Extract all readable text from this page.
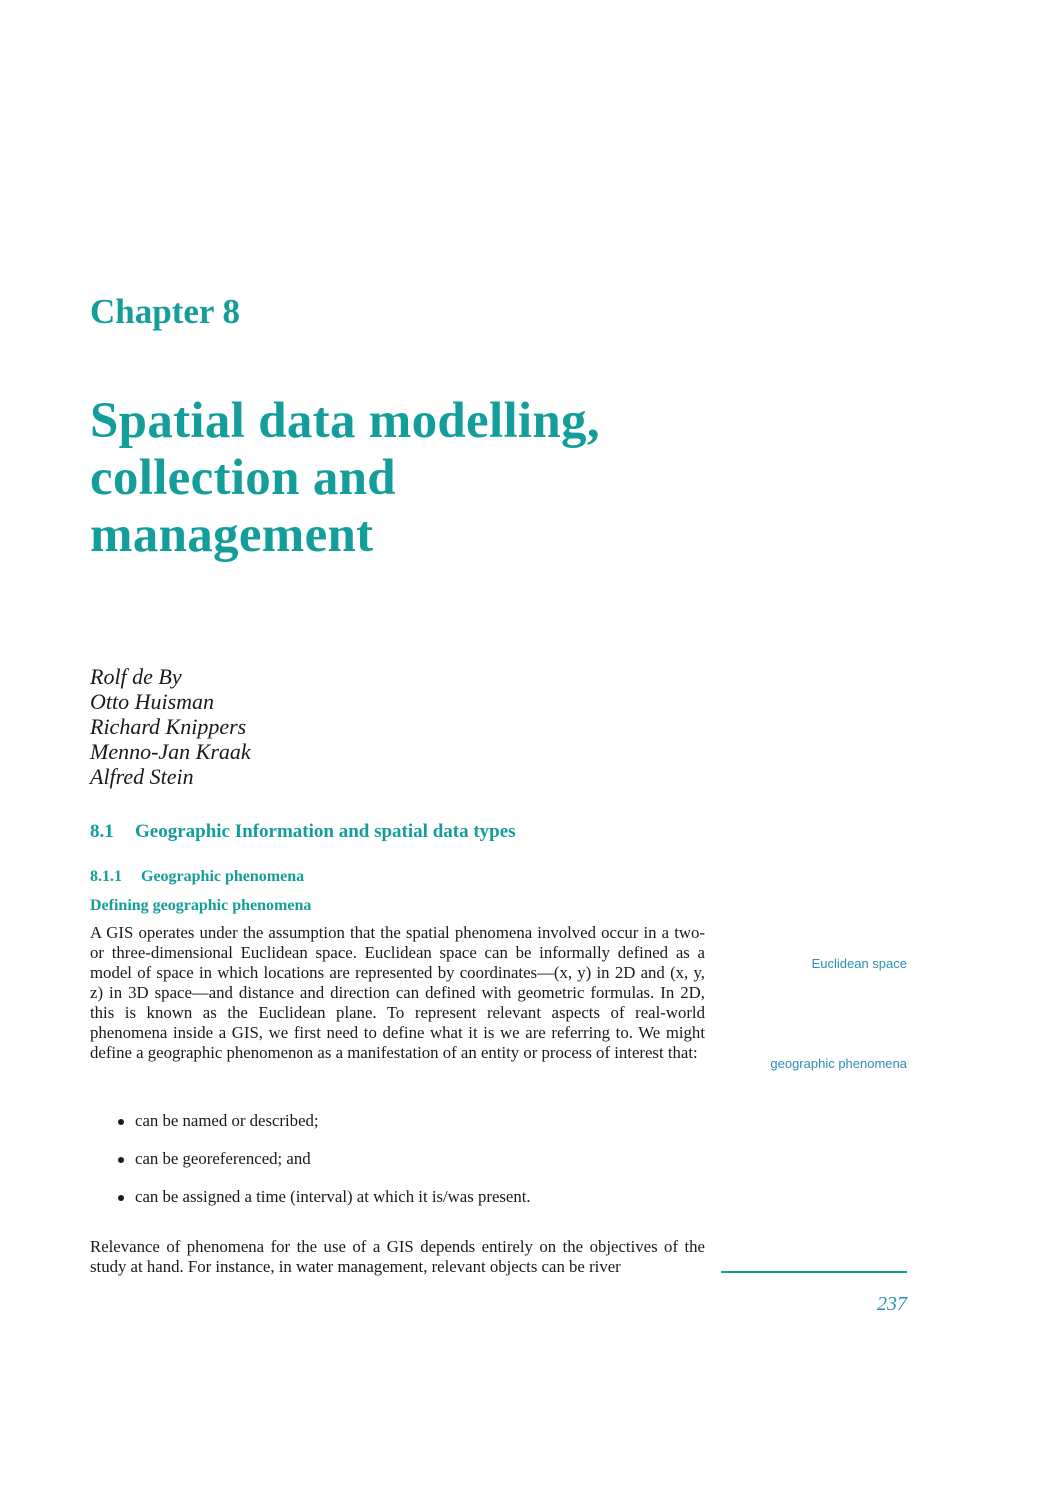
Chapter 8
Spatial data modelling,
collection and
management
Rolf de By
Otto Huisman
Richard Knippers
Menno-Jan Kraak
Alfred Stein
8.1 Geographic Information and spatial data types
8.1.1 Geographic phenomena
Defining geographic phenomena

A GIS operates under the assumption that the spatial phenomena involved occur in a two- or three-dimensional Euclidean space. Euclidean space can be informally defined as a model of space in which locations are represented by coordinates—(x, y) in 2D and (x, y, z) in 3D space—and distance and direction can defined with geometric formulas. In 2D, this is known as the Euclidean plane. To represent relevant aspects of real-world phenomena inside a GIS, we first need to define what it is we are referring to. We might define a geographic phenomenon as a manifestation of an entity or process of interest that:

can be named or described;
can be georeferenced; and
can be assigned a time (interval) at which it is/was present.

Relevance of phenomena for the use of a GIS depends entirely on the objectives of the study at hand. For instance, in water management, relevant objects can be river

Euclidean space

geographic phenomena

237
